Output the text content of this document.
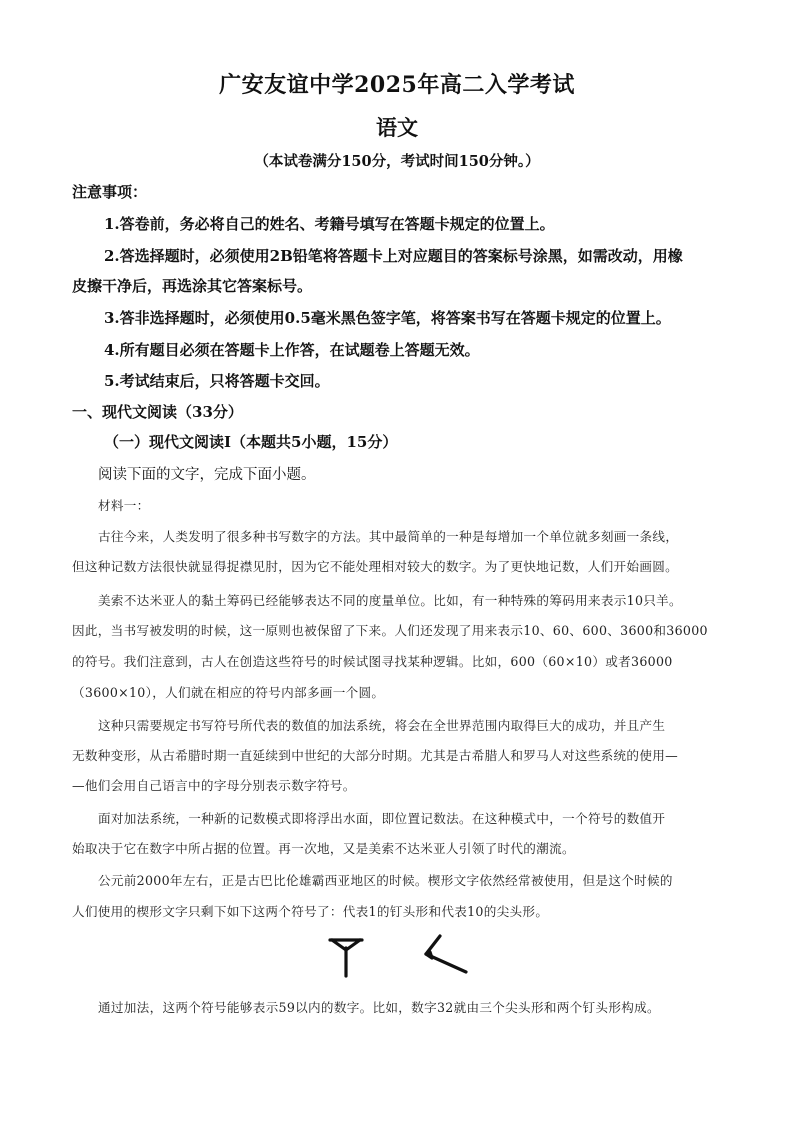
广安友谊中学2025年高二入学考试
语文
（本试卷满分150分，考试时间150分钟。）
注意事项：
1.答卷前，务必将自己的姓名、考籍号填写在答题卡规定的位置上。
2.答选择题时，必须使用2B铅笔将答题卡上对应题目的答案标号涂黑，如需改动，用橡
皮擦干净后，再选涂其它答案标号。
3.答非选择题时，必须使用0.5毫米黑色签字笔，将答案书写在答题卡规定的位置上。
4.所有题目必须在答题卡上作答，在试题卷上答题无效。
5.考试结束后，只将答题卡交回。
一、现代文阅读（33分）
（一）现代文阅读Ⅰ（本题共5小题，15分）
阅读下面的文字，完成下面小题。
材料一：
古往今来，人类发明了很多种书写数字的方法。其中最简单的一种是每增加一个单位就多刻画一条线，
但这种记数方法很快就显得捉襟见肘，因为它不能处理相对较大的数字。为了更快地记数，人们开始画圆。
美索不达米亚人的黏土筹码已经能够表达不同的度量单位。比如，有一种特殊的筹码用来表示10只羊。
因此，当书写被发明的时候，这一原则也被保留了下来。人们还发现了用来表示10、60、600、3600和36000
的符号。我们注意到，古人在创造这些符号的时候试图寻找某种逻辑。比如，600（60×10）或者36000
（3600×10），人们就在相应的符号内部多画一个圆。
这种只需要规定书写符号所代表的数值的加法系统，将会在全世界范围内取得巨大的成功，并且产生
无数种变形，从古希腊时期一直延续到中世纪的大部分时期。尤其是古希腊人和罗马人对这些系统的使用—
—他们会用自己语言中的字母分别表示数字符号。
面对加法系统，一种新的记数模式即将浮出水面，即位置记数法。在这种模式中，一个符号的数值开
始取决于它在数字中所占据的位置。再一次地，又是美索不达米亚人引领了时代的潮流。
公元前2000年左右，正是古巴比伦雄霸西亚地区的时候。楔形文字依然经常被使用，但是这个时候的
人们使用的楔形文字只剩下如下这两个符号了：代表1的钉头形和代表10的尖头形。
通过加法，这两个符号能够表示59以内的数字。比如，数字32就由三个尖头形和两个钉头形构成。
